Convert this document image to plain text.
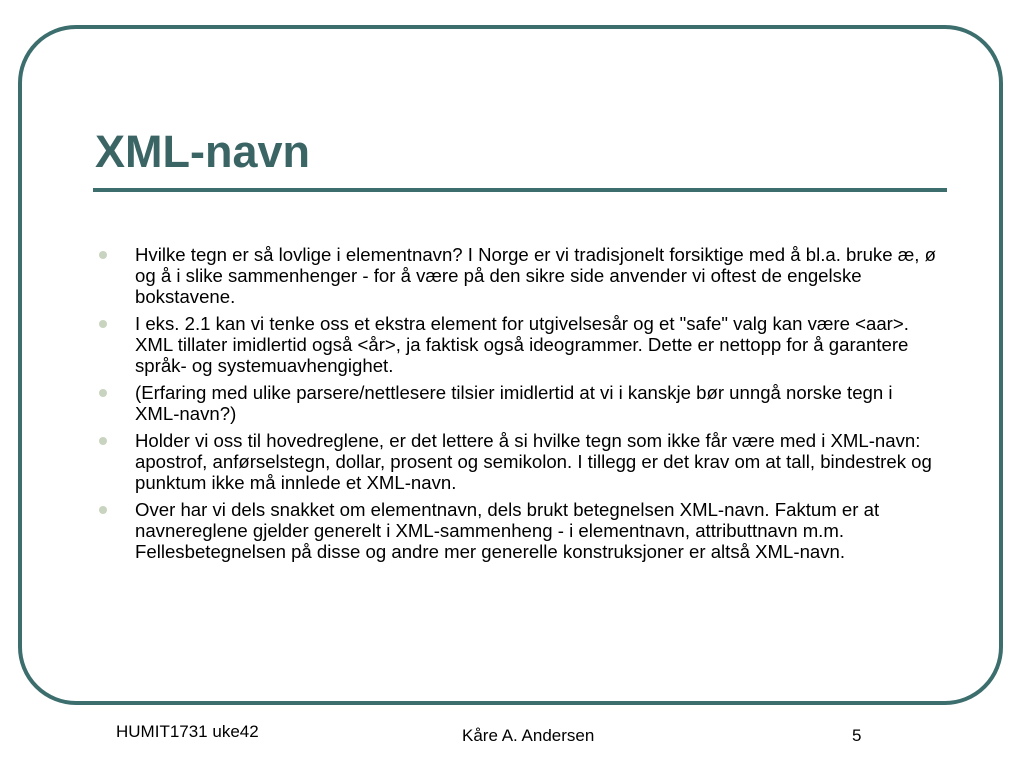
XML-navn
Hvilke tegn er så lovlige i elementnavn? I Norge er vi tradisjonelt forsiktige med å bl.a. bruke æ, ø og å i slike sammenhenger - for å være på den sikre side anvender vi oftest de engelske bokstavene.
I eks. 2.1 kan vi tenke oss et ekstra element for utgivelsesår og et "safe" valg kan være <aar>. XML tillater imidlertid også <år>, ja faktisk også ideogrammer. Dette er nettopp for å garantere språk- og systemuavhengighet.
(Erfaring med ulike parsere/nettlesere tilsier imidlertid at vi i kanskje bør unngå norske tegn i XML-navn?)
Holder vi oss til hovedreglene, er det lettere å si hvilke tegn som ikke får være med i XML-navn: apostrof, anførselstegn, dollar, prosent og semikolon. I tillegg er det krav om at tall, bindestrek og punktum ikke må innlede et XML-navn.
Over har vi dels snakket om elementnavn, dels brukt betegnelsen XML-navn. Faktum er at navnereglene gjelder generelt i XML-sammenheng - i elementnavn, attributtnavn m.m. Fellesbetegnelsen på disse og andre mer generelle konstruksjoner er altså XML-navn.
HUMIT1731 uke42	Kåre A. Andersen	5
